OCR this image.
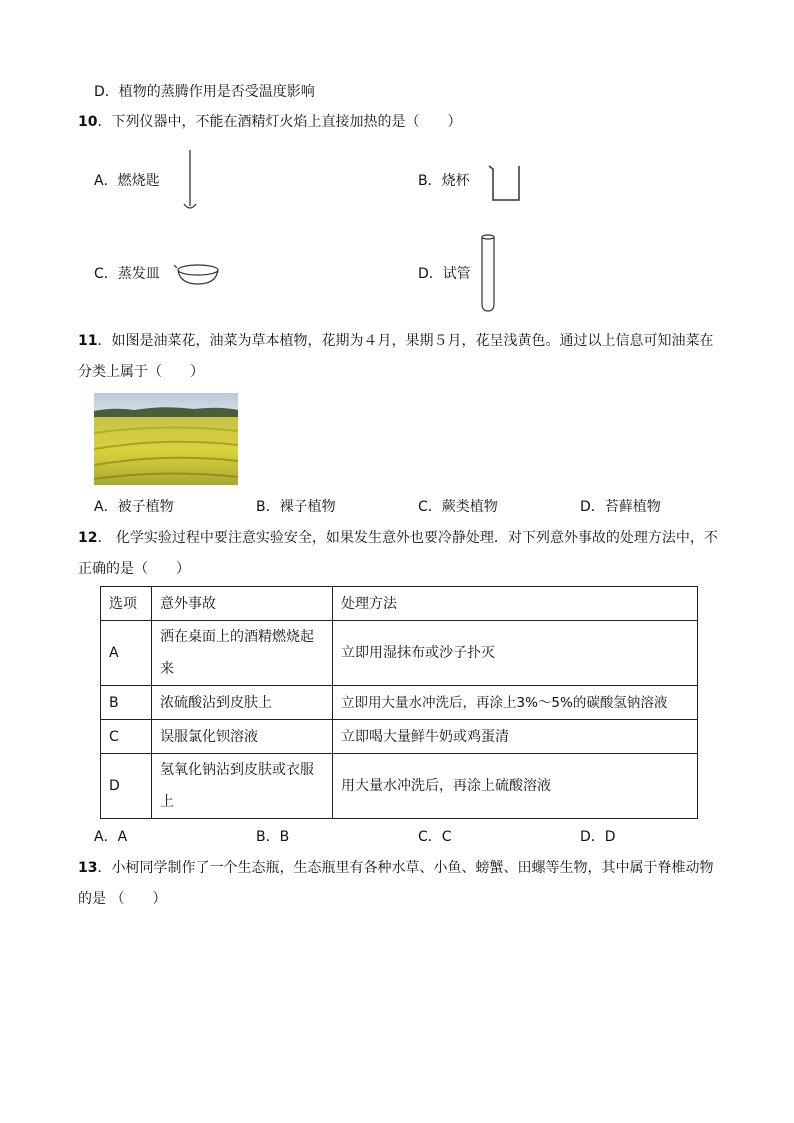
D．植物的蒸腾作用是否受温度影响
10．下列仪器中，不能在酒精灯火焰上直接加热的是（　　）
A．燃烧匙	B．烧杯
C．蒸发皿	D．试管
11．如图是油菜花，油菜为草本植物，花期为４月，果期５月，花呈浅黄色。通过以上信息可知油菜在
分类上属于（　　）
A．被子植物	B．裸子植物	C．蕨类植物	D．苔藓植物
12． 化学实验过程中要注意实验安全，如果发生意外也要冷静处理．对下列意外事故的处理方法中，不
正确的是（　　）
选项	意外事故	处理方法
A	洒在桌面上的酒精燃烧起来	立即用湿抹布或沙子扑灭
B	浓硫酸沾到皮肤上	立即用大量水冲洗后，再涂上3%～5%的碳酸氢钠溶液
C	误服氯化钡溶液	立即喝大量鲜牛奶或鸡蛋清
D	氢氧化钠沾到皮肤或衣服上	用大量水冲洗后，再涂上硫酸溶液
A．A	B．B	C．C	D．D
13．小柯同学制作了一个生态瓶，生态瓶里有各种水草、小鱼、螃蟹、田螺等生物，其中属于脊椎动物
的是 （　　）
